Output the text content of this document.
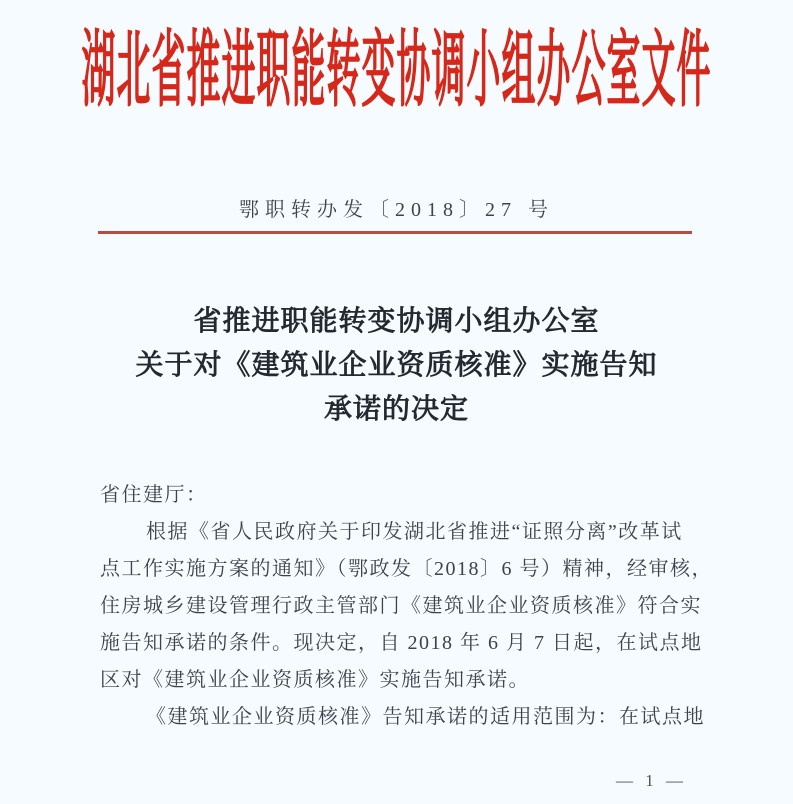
湖北省推进职能转变协调小组办公室文件
鄂职转办发〔2018〕27 号
省推进职能转变协调小组办公室
关于对《建筑业企业资质核准》实施告知
承诺的决定
省住建厅：
根据《省人民政府关于印发湖北省推进“证照分离”改革试
点工作实施方案的通知》（鄂政发〔2018〕6 号）精神，经审核，
住房城乡建设管理行政主管部门《建筑业企业资质核准》符合实
施告知承诺的条件。现决定，自 2018 年 6 月 7 日起，在试点地
区对《建筑业企业资质核准》实施告知承诺。
《建筑业企业资质核准》告知承诺的适用范围为：在试点地
— 1 —
